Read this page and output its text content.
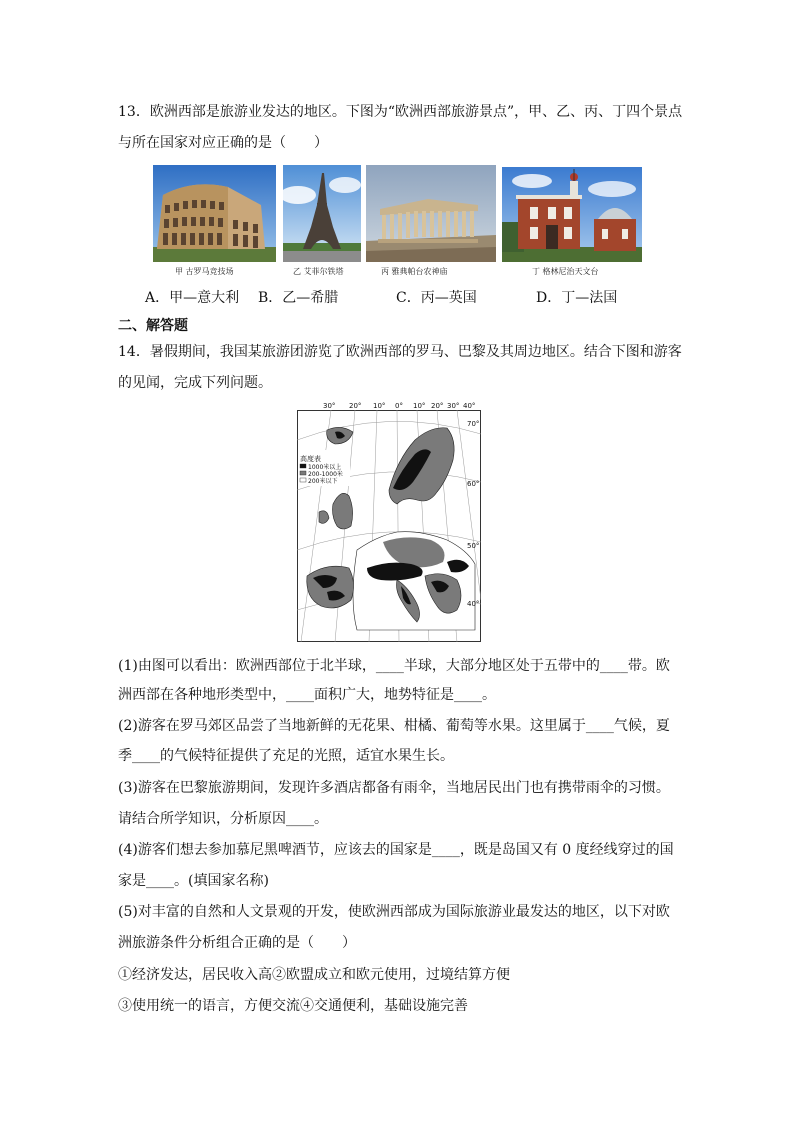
13．欧洲西部是旅游业发达的地区。下图为“欧洲西部旅游景点”，甲、乙、丙、丁四个景点
与所在国家对应正确的是（　　）
甲 古罗马竞技场	乙 艾菲尔铁塔	丙 雅典帕台农神庙	丁 格林尼治天文台
A．甲—意大利 B．乙—希腊	C．丙—英国	D．丁—法国
二、解答题
14．暑假期间，我国某旅游团游览了欧洲西部的罗马、巴黎及其周边地区。结合下图和游客
的见闻，完成下列问题。
30° 20° 10° 0° 10° 20° 30° 40°
70°
60°
50°
40°
高度表
1000米以上
200-1000米
200米以下
(1)由图可以看出：欧洲西部位于北半球，____半球，大部分地区处于五带中的____带。欧
洲西部在各种地形类型中，____面积广大，地势特征是____。
(2)游客在罗马郊区品尝了当地新鲜的无花果、柑橘、葡萄等水果。这里属于____气候，夏
季____的气候特征提供了充足的光照，适宜水果生长。
(3)游客在巴黎旅游期间，发现许多酒店都备有雨伞，当地居民出门也有携带雨伞的习惯。
请结合所学知识，分析原因____。
(4)游客们想去参加慕尼黑啤酒节，应该去的国家是____，既是岛国又有 0 度经线穿过的国
家是____。(填国家名称)
(5)对丰富的自然和人文景观的开发，使欧洲西部成为国际旅游业最发达的地区，以下对欧
洲旅游条件分析组合正确的是（　　）
①经济发达，居民收入高②欧盟成立和欧元使用，过境结算方便
③使用统一的语言，方便交流④交通便利，基础设施完善
